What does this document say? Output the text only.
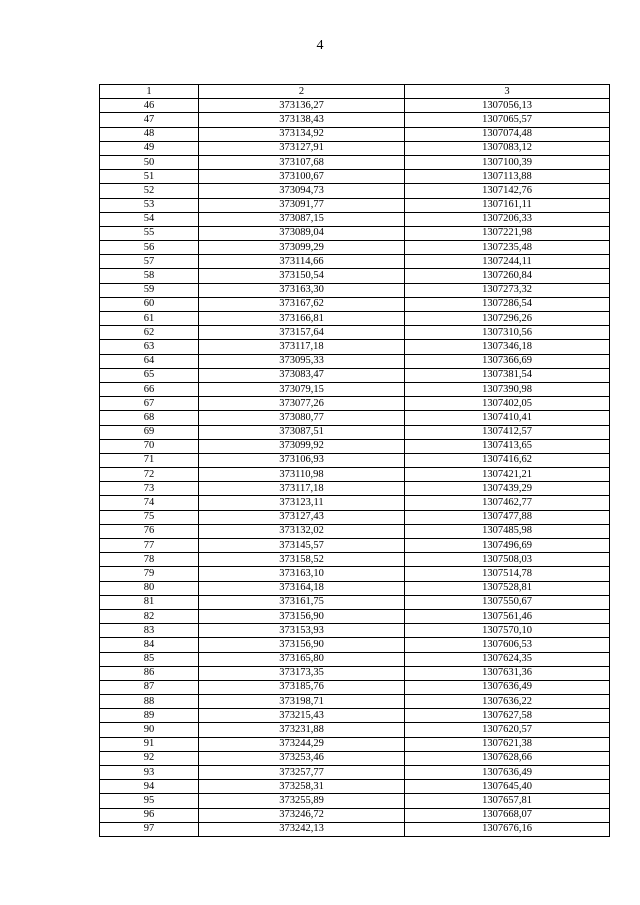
4
1	2	3
46	373136,27	1307056,13
47	373138,43	1307065,57
48	373134,92	1307074,48
49	373127,91	1307083,12
50	373107,68	1307100,39
51	373100,67	1307113,88
52	373094,73	1307142,76
53	373091,77	1307161,11
54	373087,15	1307206,33
55	373089,04	1307221,98
56	373099,29	1307235,48
57	373114,66	1307244,11
58	373150,54	1307260,84
59	373163,30	1307273,32
60	373167,62	1307286,54
61	373166,81	1307296,26
62	373157,64	1307310,56
63	373117,18	1307346,18
64	373095,33	1307366,69
65	373083,47	1307381,54
66	373079,15	1307390,98
67	373077,26	1307402,05
68	373080,77	1307410,41
69	373087,51	1307412,57
70	373099,92	1307413,65
71	373106,93	1307416,62
72	373110,98	1307421,21
73	373117,18	1307439,29
74	373123,11	1307462,77
75	373127,43	1307477,88
76	373132,02	1307485,98
77	373145,57	1307496,69
78	373158,52	1307508,03
79	373163,10	1307514,78
80	373164,18	1307528,81
81	373161,75	1307550,67
82	373156,90	1307561,46
83	373153,93	1307570,10
84	373156,90	1307606,53
85	373165,80	1307624,35
86	373173,35	1307631,36
87	373185,76	1307636,49
88	373198,71	1307636,22
89	373215,43	1307627,58
90	373231,88	1307620,57
91	373244,29	1307621,38
92	373253,46	1307628,66
93	373257,77	1307636,49
94	373258,31	1307645,40
95	373255,89	1307657,81
96	373246,72	1307668,07
97	373242,13	1307676,16
